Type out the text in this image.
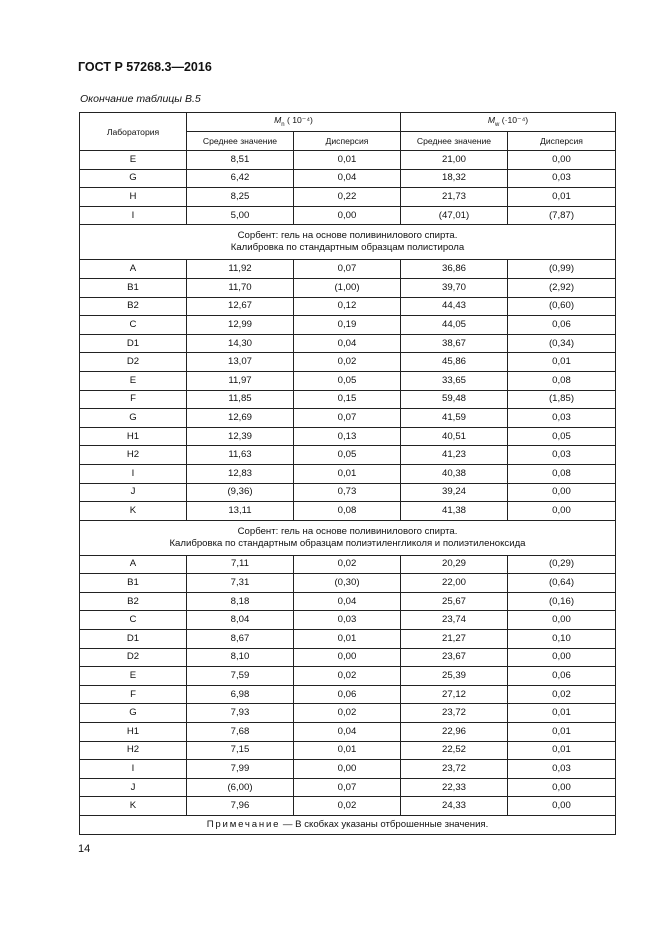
ГОСТ Р 57268.3—2016
Окончание таблицы В.5
Лаборатория	$M_n$ ( 10⁻⁴)		$M_w$ (·10⁻⁴)	
	Среднее значение	Дисперсия	Среднее значение	Дисперсия
E	8,51	0,01	21,00	0,00
G	6,42	0,04	18,32	0,03
H	8,25	0,22	21,73	0,01
I	5,00	0,00	(47,01)	(7,87)

Сорбент: гель на основе поливинилового спирта.
Калибровка по стандартным образцам полистирола				

A	11,92	0,07	36,86	(0,99)
B1	11,70	(1,00)	39,70	(2,92)
B2	12,67	0,12	44,43	(0,60)
C	12,99	0,19	44,05	0,06
D1	14,30	0,04	38,67	(0,34)
D2	13,07	0,02	45,86	0,01
E	11,97	0,05	33,65	0,08
F	11,85	0,15	59,48	(1,85)
G	12,69	0,07	41,59	0,03
H1	12,39	0,13	40,51	0,05
H2	11,63	0,05	41,23	0,03
I	12,83	0,01	40,38	0,08
J	(9,36)	0,73	39,24	0,00
K	13,11	0,08	41,38	0,00

Сорбент: гель на основе поливинилового спирта.
Калибровка по стандартным образцам полиэтиленгликоля и полиэтиленоксида				

A	7,11	0,02	20,29	(0,29)
B1	7,31	(0,30)	22,00	(0,64)
B2	8,18	0,04	25,67	(0,16)
C	8,04	0,03	23,74	0,00
D1	8,67	0,01	21,27	0,10
D2	8,10	0,00	23,67	0,00
E	7,59	0,02	25,39	0,06
F	6,98	0,06	27,12	0,02
G	7,93	0,02	23,72	0,01
H1	7,68	0,04	22,96	0,01
H2	7,15	0,01	22,52	0,01
I	7,99	0,00	23,72	0,03
J	(6,00)	0,07	22,33	0,00
K	7,96	0,02	24,33	0,00
Примечание — В скобках указаны отброшенные значения.				
14
